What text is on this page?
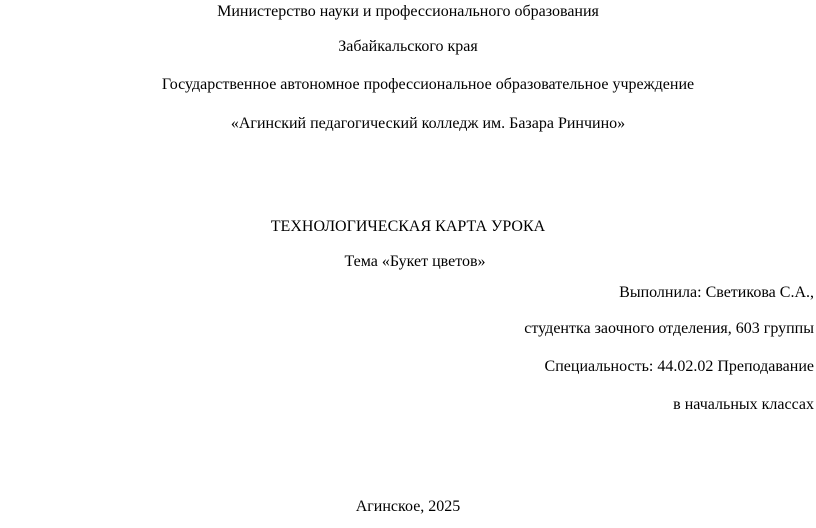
Министерство науки и профессионального образования
Забайкальского края
Государственное автономное профессиональное образовательное учреждение
«Агинский педагогический колледж им. Базара Ринчино»
ТЕХНОЛОГИЧЕСКАЯ КАРТА УРОКА
Тема «Букет цветов»
Выполнила: Светикова С.А.,
студентка заочного отделения, 603 группы
Специальность: 44.02.02 Преподавание
в начальных классах
Агинское, 2025
